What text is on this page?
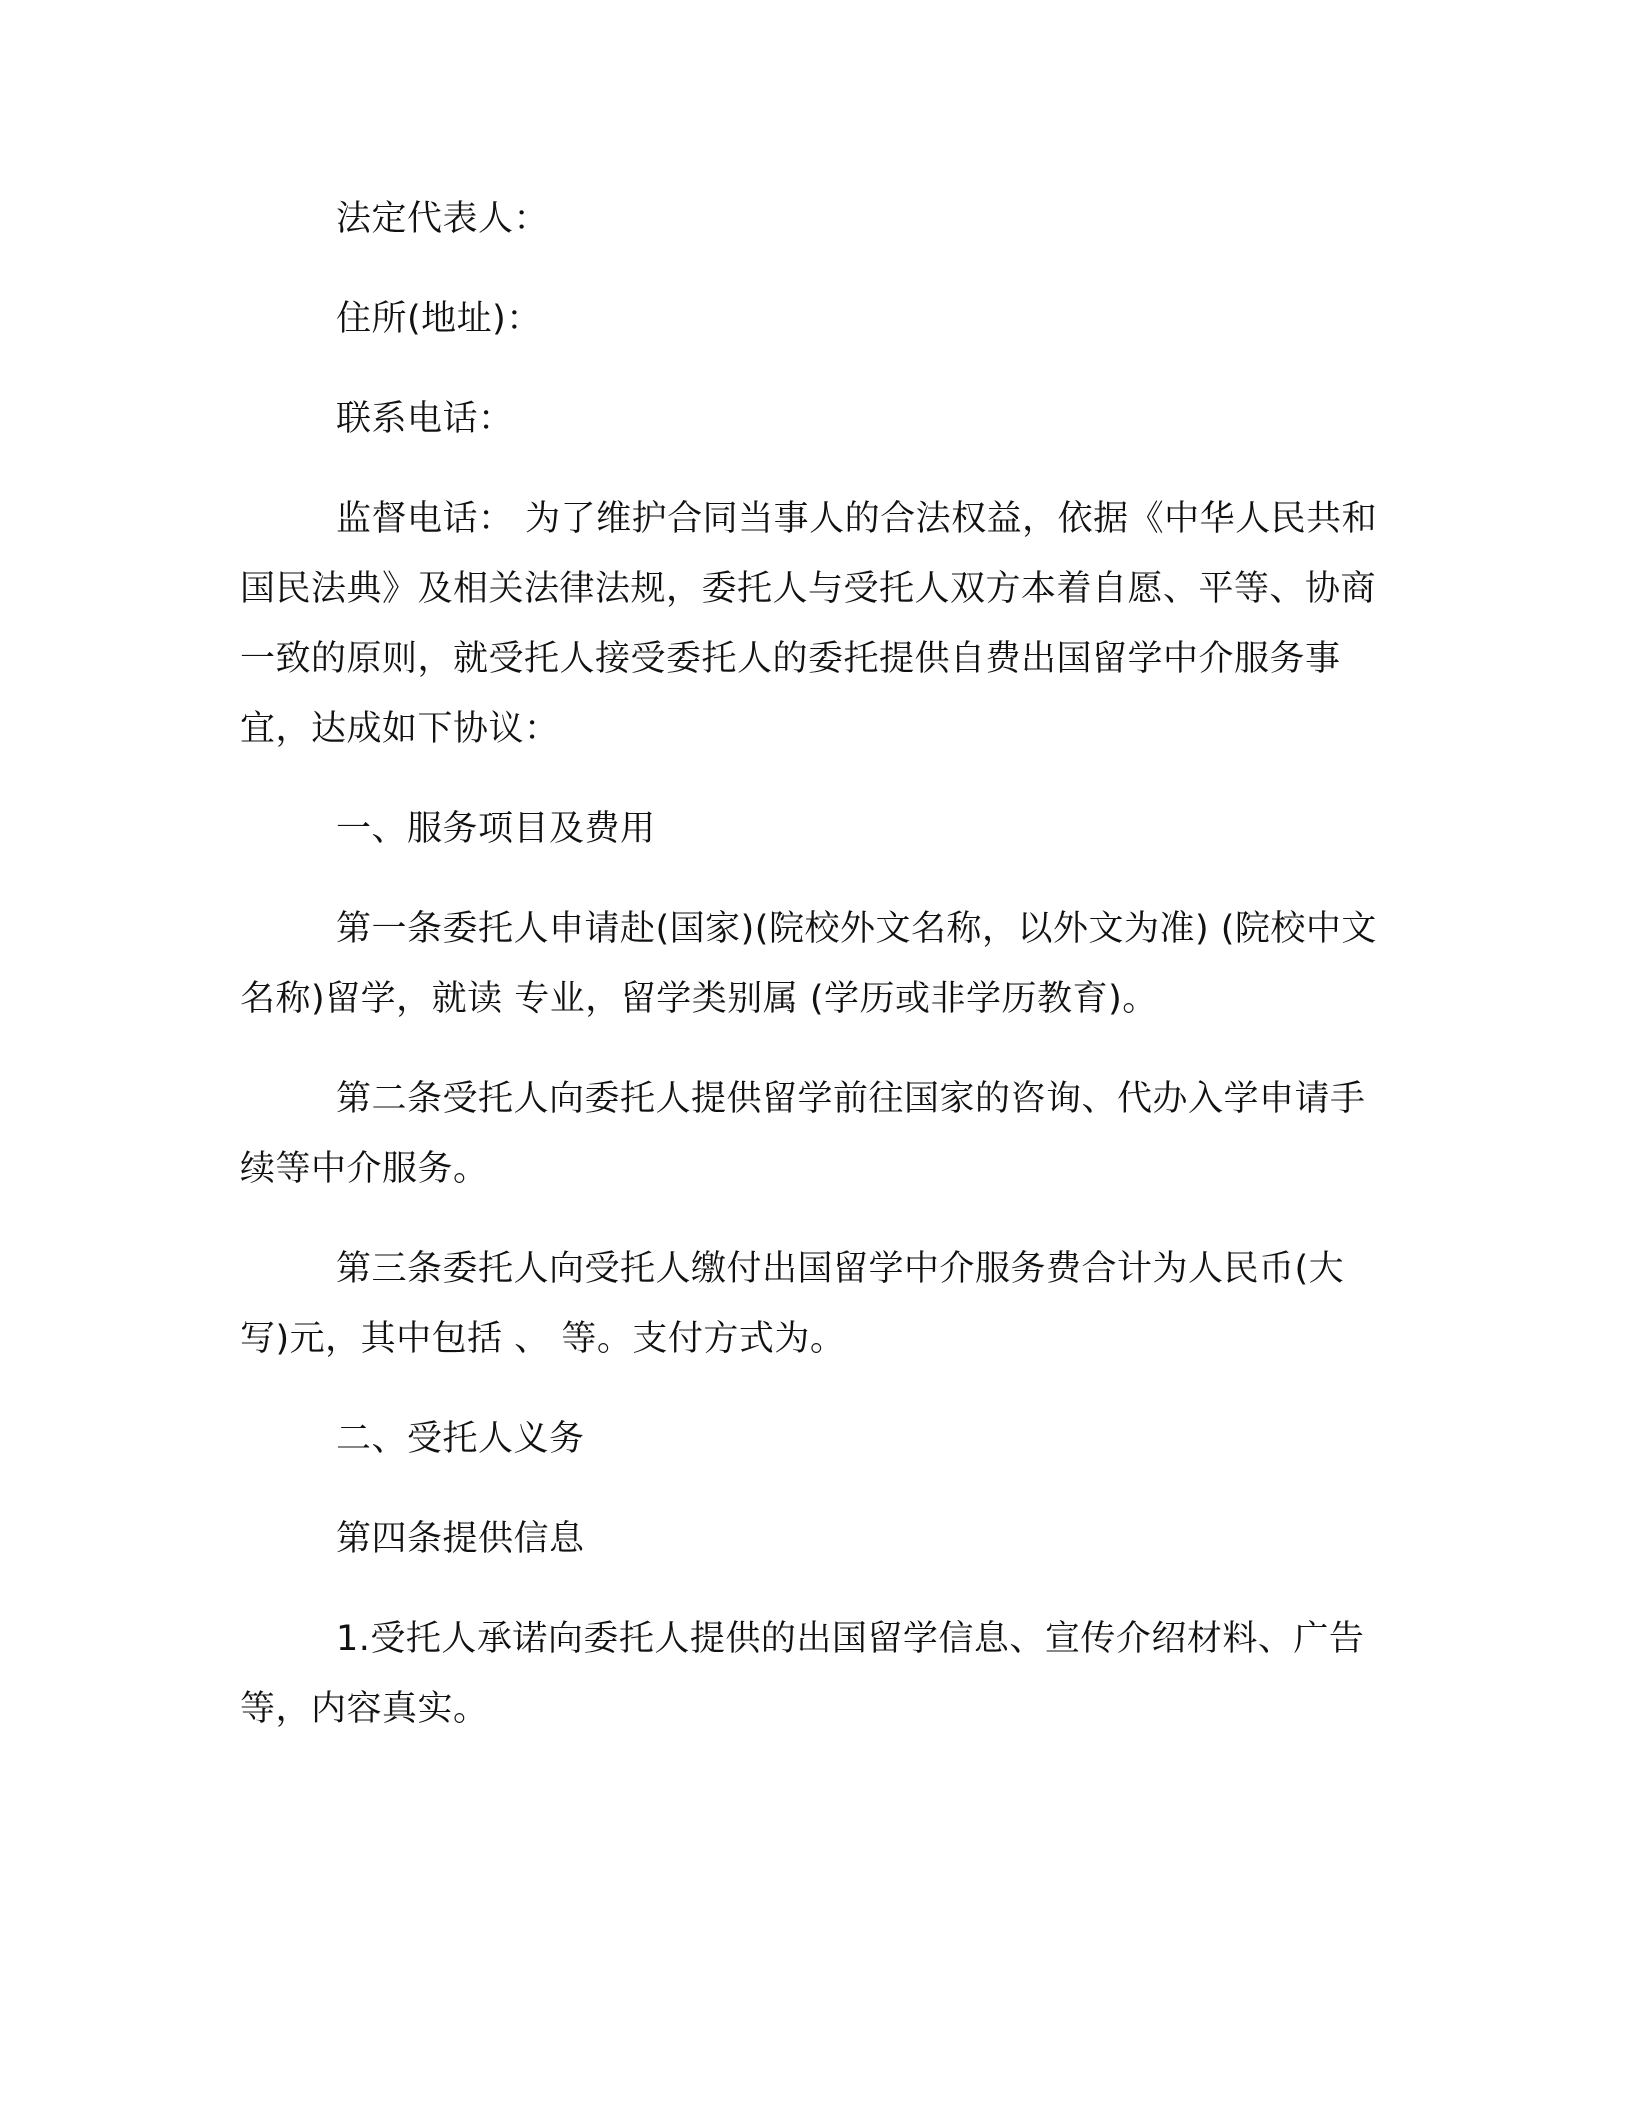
法定代表人：

住所(地址)：

联系电话：

监督电话： 为了维护合同当事人的合法权益，依据《中华人民共和国民法典》及相关法律法规，委托人与受托人双方本着自愿、平等、协商一致的原则，就受托人接受委托人的委托提供自费出国留学中介服务事宜，达成如下协议：

一、服务项目及费用

第一条委托人申请赴(国家)(院校外文名称，以外文为准) (院校中文名称)留学，就读 专业，留学类别属 (学历或非学历教育)。

第二条受托人向委托人提供留学前往国家的咨询、代办入学申请手续等中介服务。

第三条委托人向受托人缴付出国留学中介服务费合计为人民币(大写)元，其中包括 、 等。支付方式为。

二、受托人义务

第四条提供信息

1.受托人承诺向委托人提供的出国留学信息、宣传介绍材料、广告等，内容真实。
